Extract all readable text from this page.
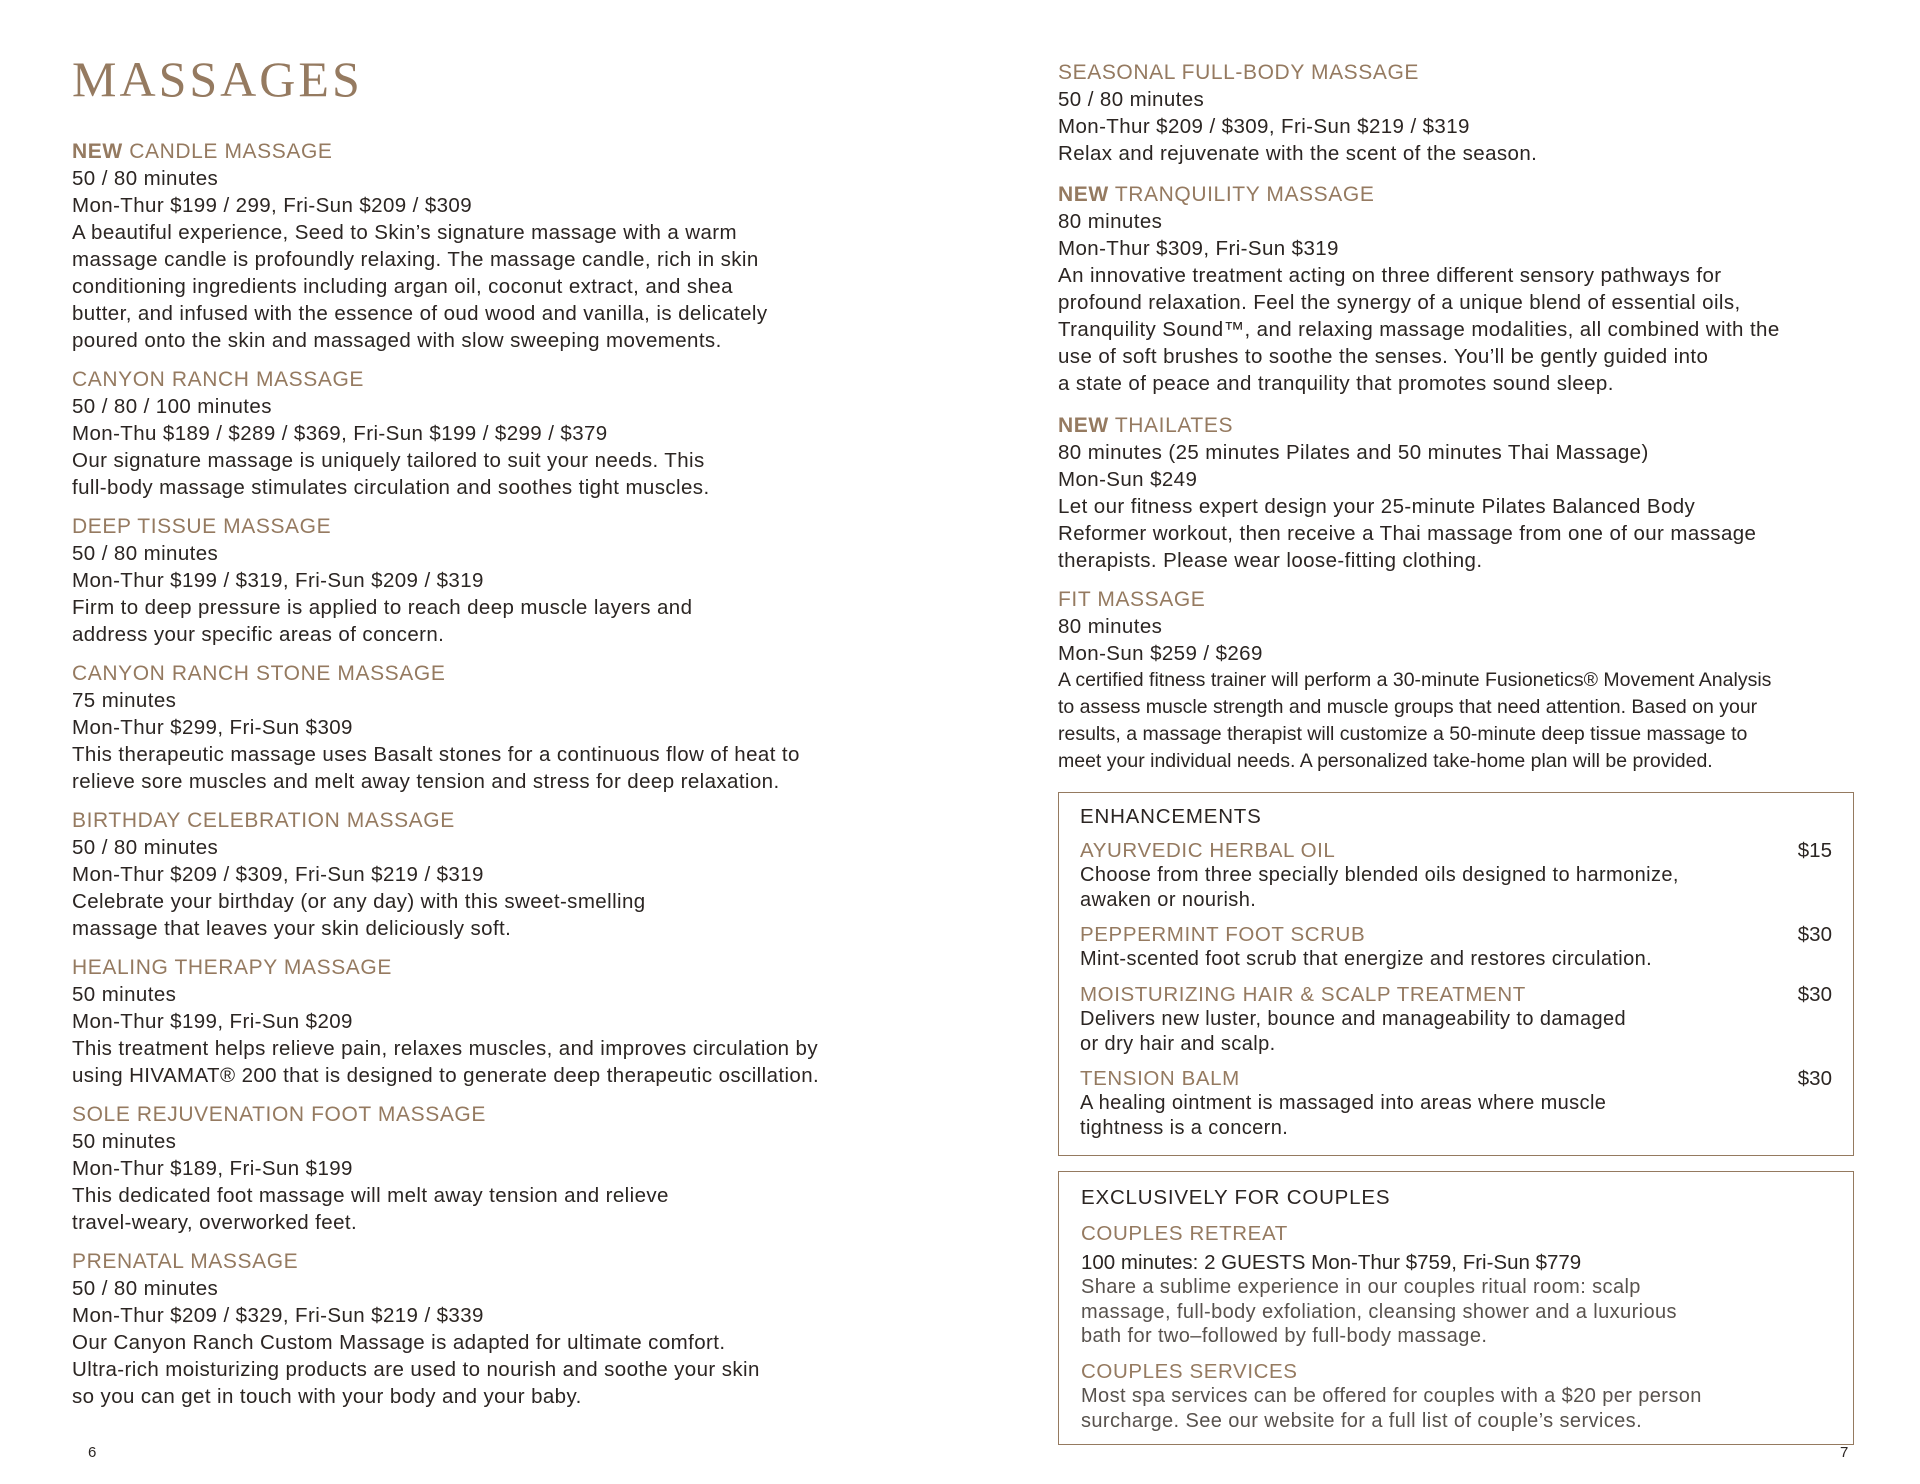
MASSAGES
NEW CANDLE MASSAGE
50 / 80 minutes
Mon-Thur $199 / 299, Fri-Sun $209 / $309
A beautiful experience, Seed to Skin’s signature massage with a warm
massage candle is profoundly relaxing. The massage candle, rich in skin
conditioning ingredients including argan oil, coconut extract, and shea
butter, and infused with the essence of oud wood and vanilla, is delicately
poured onto the skin and massaged with slow sweeping movements.
CANYON RANCH MASSAGE
50 / 80 / 100 minutes
Mon-Thu $189 / $289 / $369, Fri-Sun $199 / $299 / $379
Our signature massage is uniquely tailored to suit your needs. This
full-body massage stimulates circulation and soothes tight muscles.
DEEP TISSUE MASSAGE
50 / 80 minutes
Mon-Thur $199 / $319, Fri-Sun $209 / $319
Firm to deep pressure is applied to reach deep muscle layers and
address your specific areas of concern.
CANYON RANCH STONE MASSAGE
75 minutes
Mon-Thur $299, Fri-Sun $309
This therapeutic massage uses Basalt stones for a continuous flow of heat to
relieve sore muscles and melt away tension and stress for deep relaxation.
BIRTHDAY CELEBRATION MASSAGE
50 / 80 minutes
Mon-Thur $209 / $309, Fri-Sun $219 / $319
Celebrate your birthday (or any day) with this sweet-smelling
massage that leaves your skin deliciously soft.
HEALING THERAPY MASSAGE
50 minutes
Mon-Thur $199, Fri-Sun $209
This treatment helps relieve pain, relaxes muscles, and improves circulation by
using HIVAMAT® 200 that is designed to generate deep therapeutic oscillation.
SOLE REJUVENATION FOOT MASSAGE
50 minutes
Mon-Thur $189, Fri-Sun $199
This dedicated foot massage will melt away tension and relieve
travel-weary, overworked feet.
PRENATAL MASSAGE
50 / 80 minutes
Mon-Thur $209 / $329, Fri-Sun $219 / $339
Our Canyon Ranch Custom Massage is adapted for ultimate comfort.
Ultra-rich moisturizing products are used to nourish and soothe your skin
so you can get in touch with your body and your baby.
SEASONAL FULL-BODY MASSAGE
50 / 80 minutes
Mon-Thur $209 / $309, Fri-Sun $219 / $319
Relax and rejuvenate with the scent of the season.
NEW TRANQUILITY MASSAGE
80 minutes
Mon-Thur $309, Fri-Sun $319
An innovative treatment acting on three different sensory pathways for
profound relaxation. Feel the synergy of a unique blend of essential oils,
Tranquility Sound™, and relaxing massage modalities, all combined with the
use of soft brushes to soothe the senses. You’ll be gently guided into
a state of peace and tranquility that promotes sound sleep.
NEW THAILATES
80 minutes (25 minutes Pilates and 50 minutes Thai Massage)
Mon-Sun $249
Let our fitness expert design your 25-minute Pilates Balanced Body
Reformer workout, then receive a Thai massage from one of our massage
therapists. Please wear loose-fitting clothing.
FIT MASSAGE
80 minutes
Mon-Sun $259 / $269
A certified fitness trainer will perform a 30-minute Fusionetics® Movement Analysis
to assess muscle strength and muscle groups that need attention. Based on your
results, a massage therapist will customize a 50-minute deep tissue massage to
meet your individual needs. A personalized take-home plan will be provided.
ENHANCEMENTS
AYURVEDIC HERBAL OIL	$15
Choose from three specially blended oils designed to harmonize,
awaken or nourish.
PEPPERMINT FOOT SCRUB	$30
Mint-scented foot scrub that energize and restores circulation.
MOISTURIZING HAIR & SCALP TREATMENT	$30
Delivers new luster, bounce and manageability to damaged
or dry hair and scalp.
TENSION BALM	$30
A healing ointment is massaged into areas where muscle
tightness is a concern.
EXCLUSIVELY FOR COUPLES
COUPLES RETREAT
100 minutes: 2 GUESTS Mon-Thur $759, Fri-Sun $779
Share a sublime experience in our couples ritual room: scalp
massage, full-body exfoliation, cleansing shower and a luxurious
bath for two–followed by full-body massage.
COUPLES SERVICES
Most spa services can be offered for couples with a $20 per person
surcharge. See our website for a full list of couple’s services.
6	7
